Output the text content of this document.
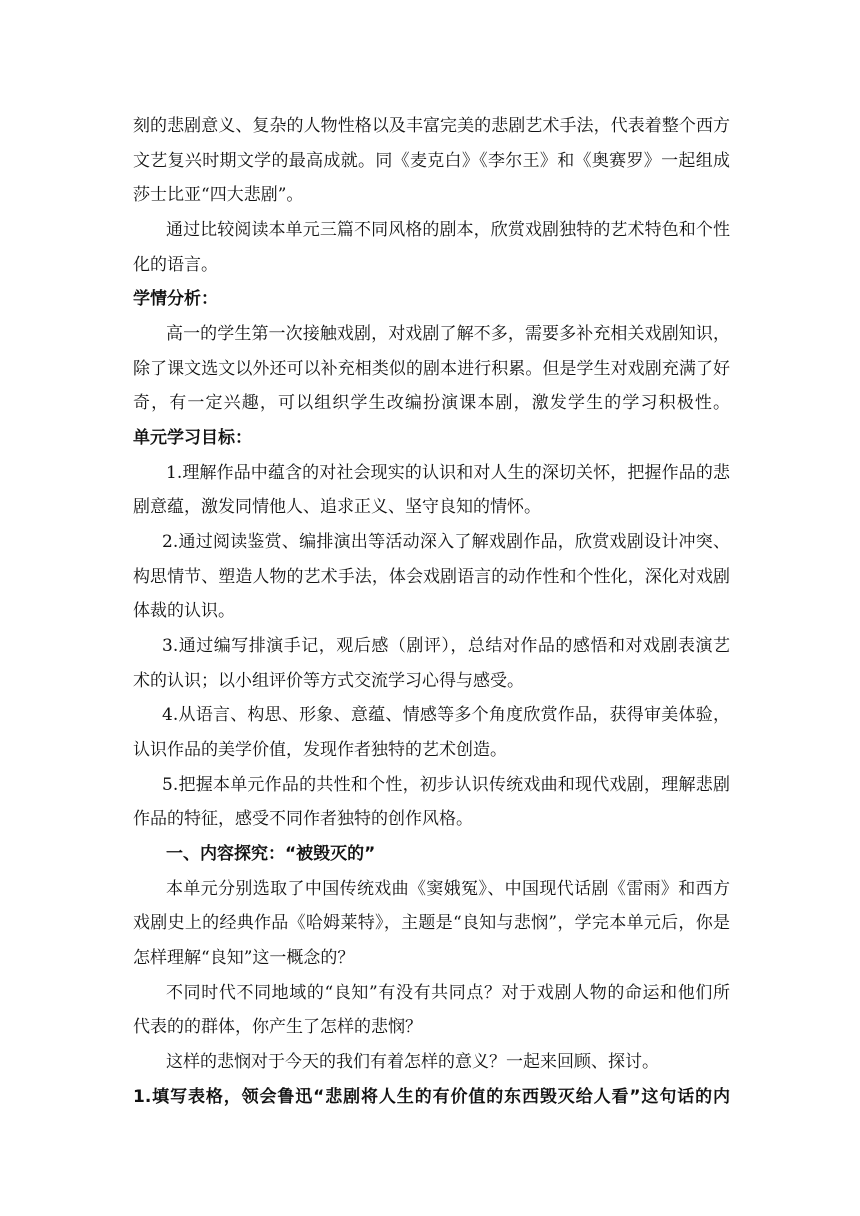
刻的悲剧意义、复杂的人物性格以及丰富完美的悲剧艺术手法，代表着整个西方
文艺复兴时期文学的最高成就。同《麦克白》《李尔王》和《奥赛罗》一起组成
莎士比亚“四大悲剧”。
通过比较阅读本单元三篇不同风格的剧本，欣赏戏剧独特的艺术特色和个性
化的语言。
学情分析：
高一的学生第一次接触戏剧，对戏剧了解不多，需要多补充相关戏剧知识，
除了课文选文以外还可以补充相类似的剧本进行积累。但是学生对戏剧充满了好
奇，有一定兴趣，可以组织学生改编扮演课本剧，激发学生的学习积极性。
单元学习目标：
1.理解作品中蕴含的对社会现实的认识和对人生的深切关怀，把握作品的悲
剧意蕴，激发同情他人、追求正义、坚守良知的情怀。
2.通过阅读鉴赏、编排演出等活动深入了解戏剧作品，欣赏戏剧设计冲突、
构思情节、塑造人物的艺术手法，体会戏剧语言的动作性和个性化，深化对戏剧
体裁的认识。
3.通过编写排演手记，观后感（剧评），总结对作品的感悟和对戏剧表演艺
术的认识；以小组评价等方式交流学习心得与感受。
4.从语言、构思、形象、意蕴、情感等多个角度欣赏作品，获得审美体验，
认识作品的美学价值，发现作者独特的艺术创造。
5.把握本单元作品的共性和个性，初步认识传统戏曲和现代戏剧，理解悲剧
作品的特征，感受不同作者独特的创作风格。
一、内容探究：“被毁灭的”
本单元分别选取了中国传统戏曲《窦娥冤》、中国现代话剧《雷雨》和西方
戏剧史上的经典作品《哈姆莱特》，主题是“良知与悲悯”，学完本单元后，你是
怎样理解“良知”这一概念的？
不同时代不同地域的“良知”有没有共同点？对于戏剧人物的命运和他们所
代表的的群体，你产生了怎样的悲悯？
这样的悲悯对于今天的我们有着怎样的意义？一起来回顾、探讨。
1.填写表格，领会鲁迅“悲剧将人生的有价值的东西毁灭给人看”这句话的内
